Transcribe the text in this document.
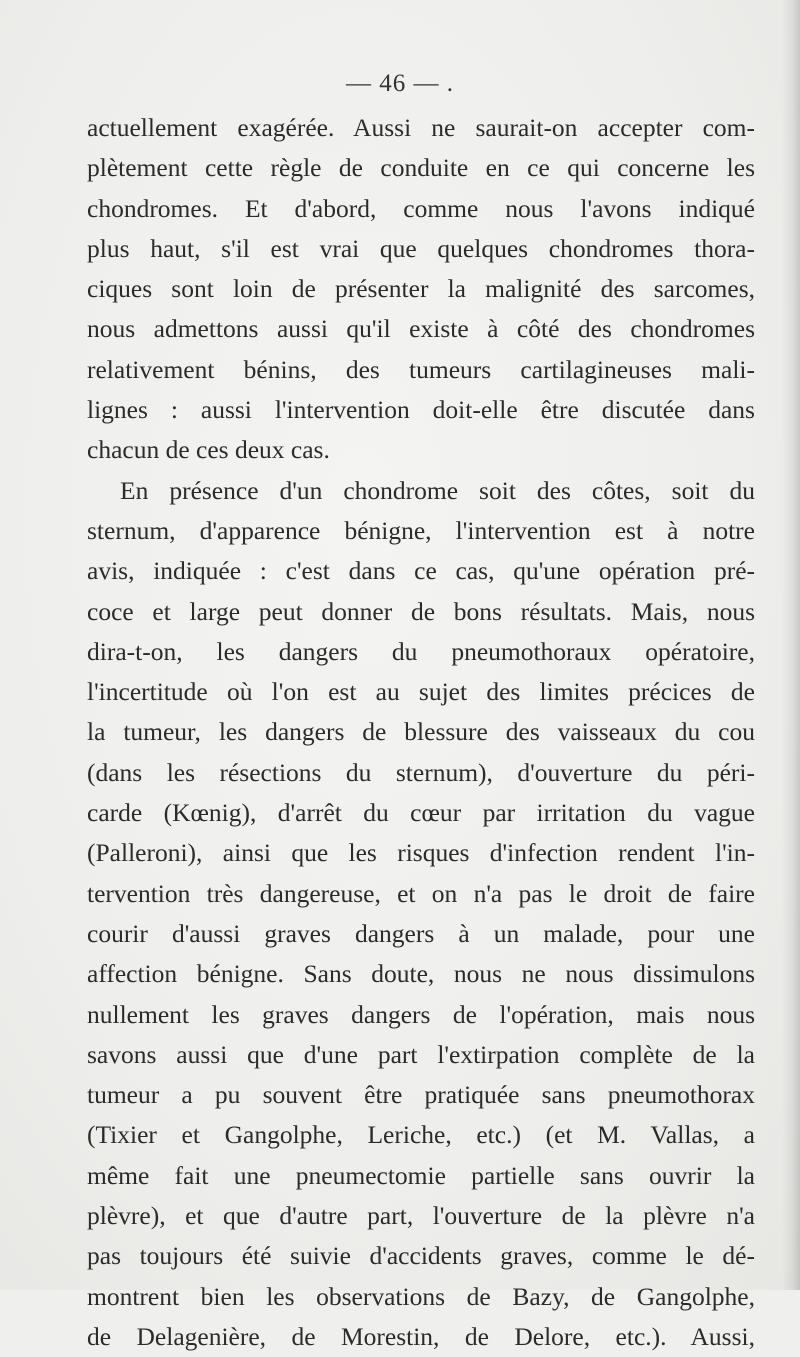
— 46 — .
actuellement exagérée. Aussi ne saurait-on accepter com-
plètement cette règle de conduite en ce qui concerne les
chondromes. Et d'abord, comme nous l'avons indiqué
plus haut, s'il est vrai que quelques chondromes thora-
ciques sont loin de présenter la malignité des sarcomes,
nous admettons aussi qu'il existe à côté des chondromes
relativement bénins, des tumeurs cartilagineuses mali-
lignes : aussi l'intervention doit-elle être discutée dans
chacun de ces deux cas.
En présence d'un chondrome soit des côtes, soit du
sternum, d'apparence bénigne, l'intervention est à notre
avis, indiquée : c'est dans ce cas, qu'une opération pré-
coce et large peut donner de bons résultats. Mais, nous
dira-t-on, les dangers du pneumothoraux opératoire,
l'incertitude où l'on est au sujet des limites précices de
la tumeur, les dangers de blessure des vaisseaux du cou
(dans les résections du sternum), d'ouverture du péri-
carde (Kœnig), d'arrêt du cœur par irritation du vague
(Palleroni), ainsi que les risques d'infection rendent l'in-
tervention très dangereuse, et on n'a pas le droit de faire
courir d'aussi graves dangers à un malade, pour une
affection bénigne. Sans doute, nous ne nous dissimulons
nullement les graves dangers de l'opération, mais nous
savons aussi que d'une part l'extirpation complète de la
tumeur a pu souvent être pratiquée sans pneumothorax
(Tixier et Gangolphe, Leriche, etc.) (et M. Vallas, a
même fait une pneumectomie partielle sans ouvrir la
plèvre), et que d'autre part, l'ouverture de la plèvre n'a
pas toujours été suivie d'accidents graves, comme le dé-
montrent bien les observations de Bazy, de Gangolphe,
de Delagenière, de Morestin, de Delore, etc.). Aussi,
